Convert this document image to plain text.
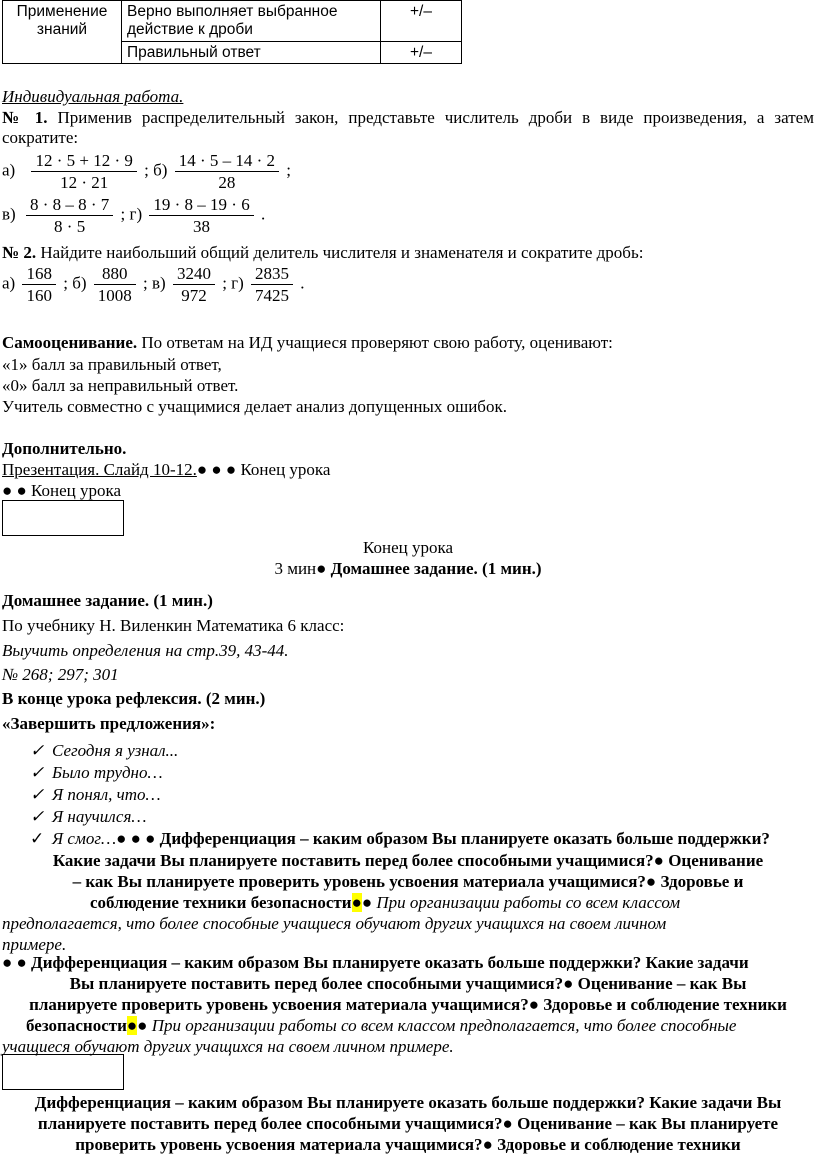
Применение знаний	Верно выполняет выбранное действие к дроби	+/–
	Правильный ответ	+/–
Индивидуальная работа.
№ 1. Применив распределительный закон, представьте числитель дроби в виде произведения, а затем сократите:
$а) \frac{12 \cdot 5 + 12 \cdot 9}{12 \cdot 21}$ ; $б) \frac{14 \cdot 5 - 14 \cdot 2}{28}$ ;
$в) \frac{8 \cdot 8 - 8 \cdot 7}{8 \cdot 5}$ ; $г) \frac{19 \cdot 8 - 19 \cdot 6}{38}$ .
№ 2. Найдите наибольший общий делитель числителя и знаменателя и сократите дробь:
$а) \frac{168}{160}$ ; $б) \frac{880}{1008}$ ; $в) \frac{3240}{972}$ ; $г) \frac{2835}{7425}$ .
Самооценивание. По ответам на ИД учащиеся проверяют свою работу, оценивают:
«1» балл за правильный ответ,
«0» балл за неправильный ответ.
Учитель совместно с учащимися делает анализ допущенных ошибок.
Дополнительно.
Презентация. Слайд 10-12.● ● ● Конец урока
● ● Конец урока
Конец урока
3 мин● Домашнее задание. (1 мин.)
Домашнее задание. (1 мин.)
По учебнику Н. Виленкин Математика 6 класс:
Выучить определения на стр.39, 43-44.
№ 268; 297; 301
В конце урока рефлексия. (2 мин.)
«Завершить предложения»:
✓ Сегодня я узнал...
✓ Было трудно…
✓ Я понял, что…
✓ Я научился…
✓ Я смог…● ● ● Дифференциация – каким образом Вы планируете оказать больше поддержки?
Какие задачи Вы планируете поставить перед более способными учащимися?● Оценивание
– как Вы планируете проверить уровень усвоения материала учащимися?● Здоровье и
соблюдение техники безопасности●● При организации работы со всем классом
предполагается, что более способные учащиеся обучают других учащихся на своем личном
примере.
● ● Дифференциация – каким образом Вы планируете оказать больше поддержки? Какие задачи
Вы планируете поставить перед более способными учащимися?● Оценивание – как Вы
планируете проверить уровень усвоения материала учащимися?● Здоровье и соблюдение техники
безопасности●● При организации работы со всем классом предполагается, что более способные
учащиеся обучают других учащихся на своем личном примере.
Дифференциация – каким образом Вы планируете оказать больше поддержки? Какие задачи Вы
планируете поставить перед более способными учащимися?● Оценивание – как Вы планируете
проверить уровень усвоения материала учащимися?● Здоровье и соблюдение техники
